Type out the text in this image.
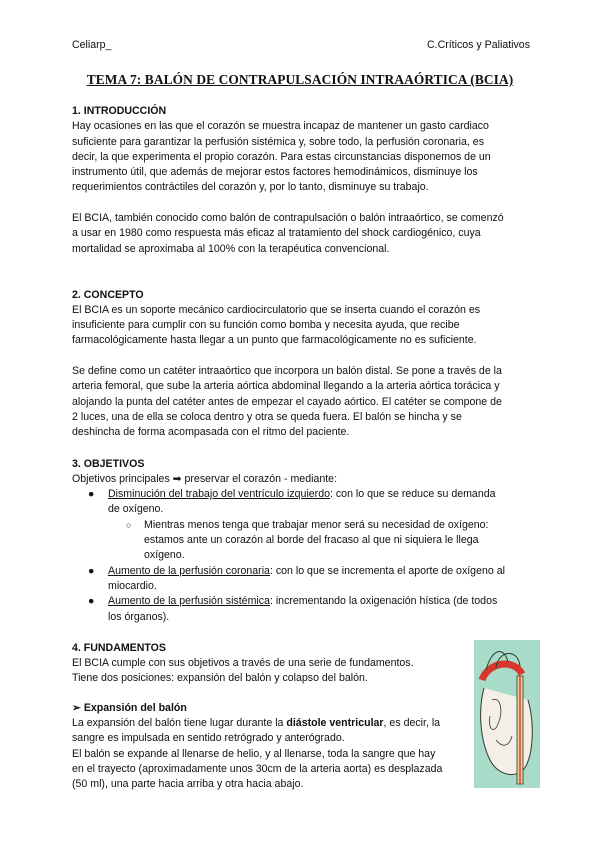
Celiarp_	C.Críticos y Paliativos
TEMA 7: BALÓN DE CONTRAPULSACIÓN INTRAAÓRTICA (BCIA)
1. INTRODUCCIÓN

Hay ocasiones en las que el corazón se muestra incapaz de mantener un gasto cardiaco
suficiente para garantizar la perfusión sistémica y, sobre todo, la perfusión coronaria, es
decir, la que experimenta el propio corazón. Para estas circunstancias disponemos de un
instrumento útil, que además de mejorar estos factores hemodinámicos, disminuye los
requerimientos contráctiles del corazón y, por lo tanto, disminuye su trabajo.

El BCIA, también conocido como balón de contrapulsación o balón intraaórtico, se comenzó
a usar en 1980 como respuesta más eficaz al tratamiento del shock cardiogénico, cuya
mortalidad se aproximaba al 100% con la terapéutica convencional.

2. CONCEPTO

El BCIA es un soporte mecánico cardiocirculatorio que se inserta cuando el corazón es
insuficiente para cumplir con su función como bomba y necesita ayuda, que recibe
farmacológicamente hasta llegar a un punto que farmacológicamente no es suficiente.

Se define como un catéter intraaórtico que incorpora un balón distal. Se pone a través de la
arteria femoral, que sube la arteria aórtica abdominal llegando a la arteria aórtica torácica y
alojando la punta del catéter antes de empezar el cayado aórtico. El catéter se compone de
2 luces, una de ella se coloca dentro y otra se queda fuera. El balón se hincha y se
deshincha de forma acompasada con el ritmo del paciente.

3. OBJETIVOS

Objetivos principales ➡ preservar el corazón - mediante:

● Disminución del trabajo del ventrículo izquierdo: con lo que se reduce su demanda
de oxígeno.
○ Mientras menos tenga que trabajar menor será su necesidad de oxígeno:
estamos ante un corazón al borde del fracaso al que ni siquiera le llega
oxígeno.
● Aumento de la perfusión coronaria: con lo que se incrementa el aporte de oxígeno al
miocardio.
● Aumento de la perfusión sistémica: incrementando la oxigenación hística (de todos
los órganos).
4. FUNDAMENTOS

El BCIA cumple con sus objetivos a través de una serie de fundamentos.
Tiene dos posiciones: expansión del balón y colapso del balón.

➢ Expansión del balón

La expansión del balón tiene lugar durante la diástole ventricular, es decir, la
sangre es impulsada en sentido retrógrado y anterógrado.
El balón se expande al llenarse de helio, y al llenarse, toda la sangre que hay
en el trayecto (aproximadamente unos 30cm de la arteria aorta) es desplazada
(50 ml), una parte hacia arriba y otra hacia abajo.
